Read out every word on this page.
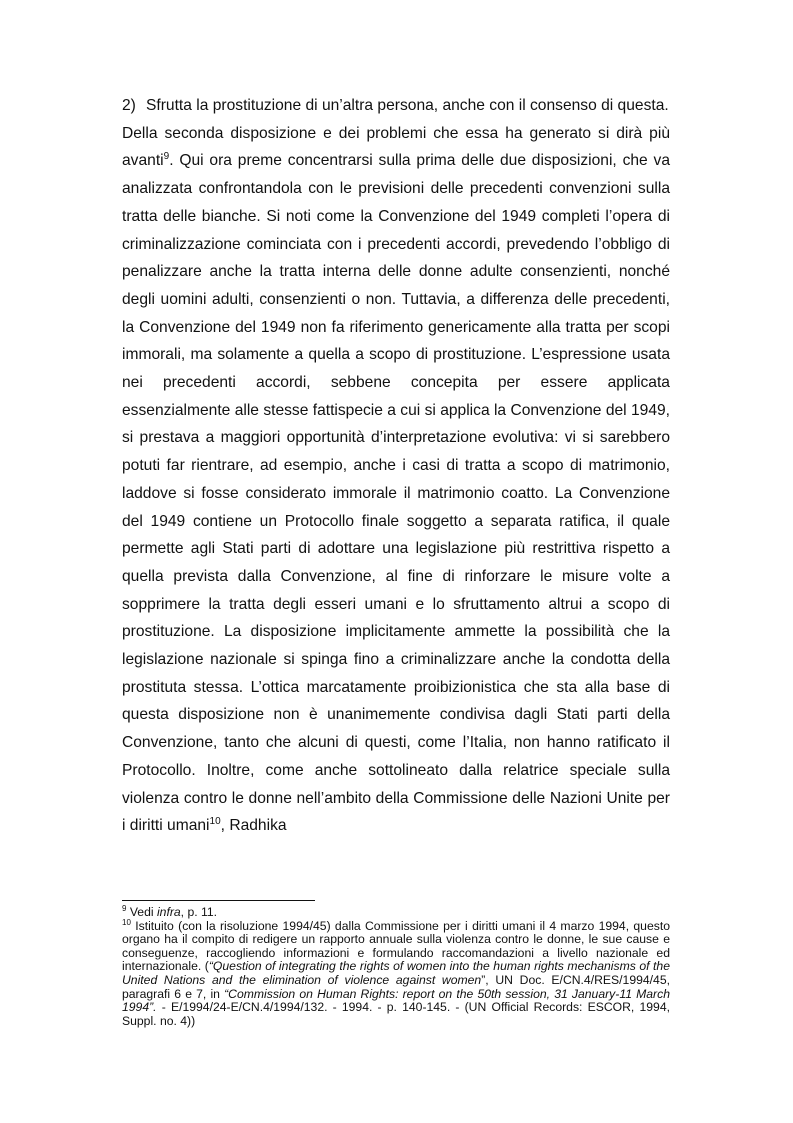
2) Sfrutta la prostituzione di un’altra persona, anche con il consenso di questa.

Della seconda disposizione e dei problemi che essa ha generato si dirà più avanti$^9$. Qui ora preme concentrarsi sulla prima delle due disposizioni, che va analizzata confrontandola con le previsioni delle precedenti convenzioni sulla tratta delle bianche. Si noti come la Convenzione del 1949 completi l’opera di criminalizzazione cominciata con i precedenti accordi, prevedendo l’obbligo di penalizzare anche la tratta interna delle donne adulte consenzienti, nonché degli uomini adulti, consenzienti o non. Tuttavia, a differenza delle precedenti, la Convenzione del 1949 non fa riferimento genericamente alla tratta per scopi immorali, ma solamente a quella a scopo di prostituzione. L’espressione usata nei precedenti accordi, sebbene concepita per essere applicata essenzialmente alle stesse fattispecie a cui si applica la Convenzione del 1949, si prestava a maggiori opportunità d’interpretazione evolutiva: vi si sarebbero potuti far rientrare, ad esempio, anche i casi di tratta a scopo di matrimonio, laddove si fosse considerato immorale il matrimonio coatto. La Convenzione del 1949 contiene un Protocollo finale soggetto a separata ratifica, il quale permette agli Stati parti di adottare una legislazione più restrittiva rispetto a quella prevista dalla Convenzione, al fine di rinforzare le misure volte a sopprimere la tratta degli esseri umani e lo sfruttamento altrui a scopo di prostituzione. La disposizione implicitamente ammette la possibilità che la legislazione nazionale si spinga fino a criminalizzare anche la condotta della prostituta stessa. L’ottica marcatamente proibizionistica che sta alla base di questa disposizione non è unanimemente condivisa dagli Stati parti della Convenzione, tanto che alcuni di questi, come l’Italia, non hanno ratificato il Protocollo. Inoltre, come anche sottolineato dalla relatrice speciale sulla violenza contro le donne nell’ambito della Commissione delle Nazioni Unite per i diritti umani$^{10}$, Radhika

$^9$ Vedi infra, p. 11.

$^{10}$ Istituito (con la risoluzione 1994/45) dalla Commissione per i diritti umani il 4 marzo 1994, questo organo ha il compito di redigere un rapporto annuale sulla violenza contro le donne, le sue cause e conseguenze, raccogliendo informazioni e formulando raccomandazioni a livello nazionale ed internazionale. (“Question of integrating the rights of women into the human rights mechanisms of the United Nations and the elimination of violence against women”, UN Doc. E/CN.4/RES/1994/45, paragrafi 6 e 7, in “Commission on Human Rights: report on the 50th session, 31 January-11 March 1994”. - E/1994/24-E/CN.4/1994/132. - 1994. - p. 140-145. - (UN Official Records: ESCOR, 1994, Suppl. no. 4))
